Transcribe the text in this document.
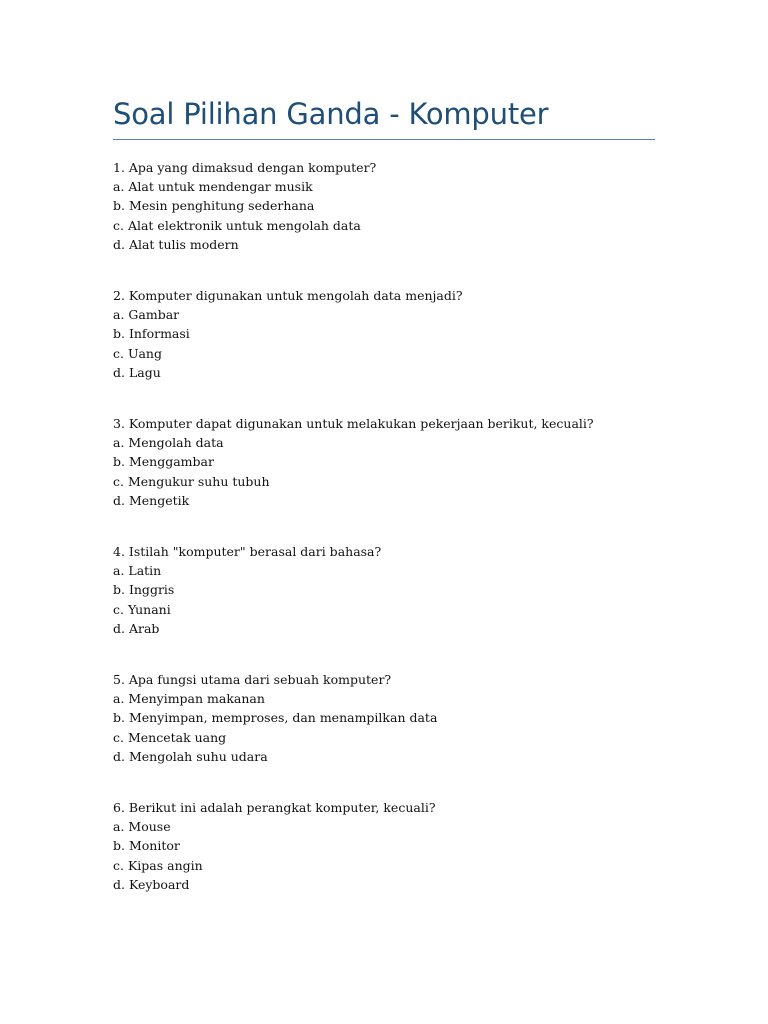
Soal Pilihan Ganda - Komputer
1. Apa yang dimaksud dengan komputer?
a. Alat untuk mendengar musik
b. Mesin penghitung sederhana
c. Alat elektronik untuk mengolah data
d. Alat tulis modern
2. Komputer digunakan untuk mengolah data menjadi?
a. Gambar
b. Informasi
c. Uang
d. Lagu
3. Komputer dapat digunakan untuk melakukan pekerjaan berikut, kecuali?
a. Mengolah data
b. Menggambar
c. Mengukur suhu tubuh
d. Mengetik
4. Istilah "komputer" berasal dari bahasa?
a. Latin
b. Inggris
c. Yunani
d. Arab
5. Apa fungsi utama dari sebuah komputer?
a. Menyimpan makanan
b. Menyimpan, memproses, dan menampilkan data
c. Mencetak uang
d. Mengolah suhu udara
6. Berikut ini adalah perangkat komputer, kecuali?
a. Mouse
b. Monitor
c. Kipas angin
d. Keyboard
